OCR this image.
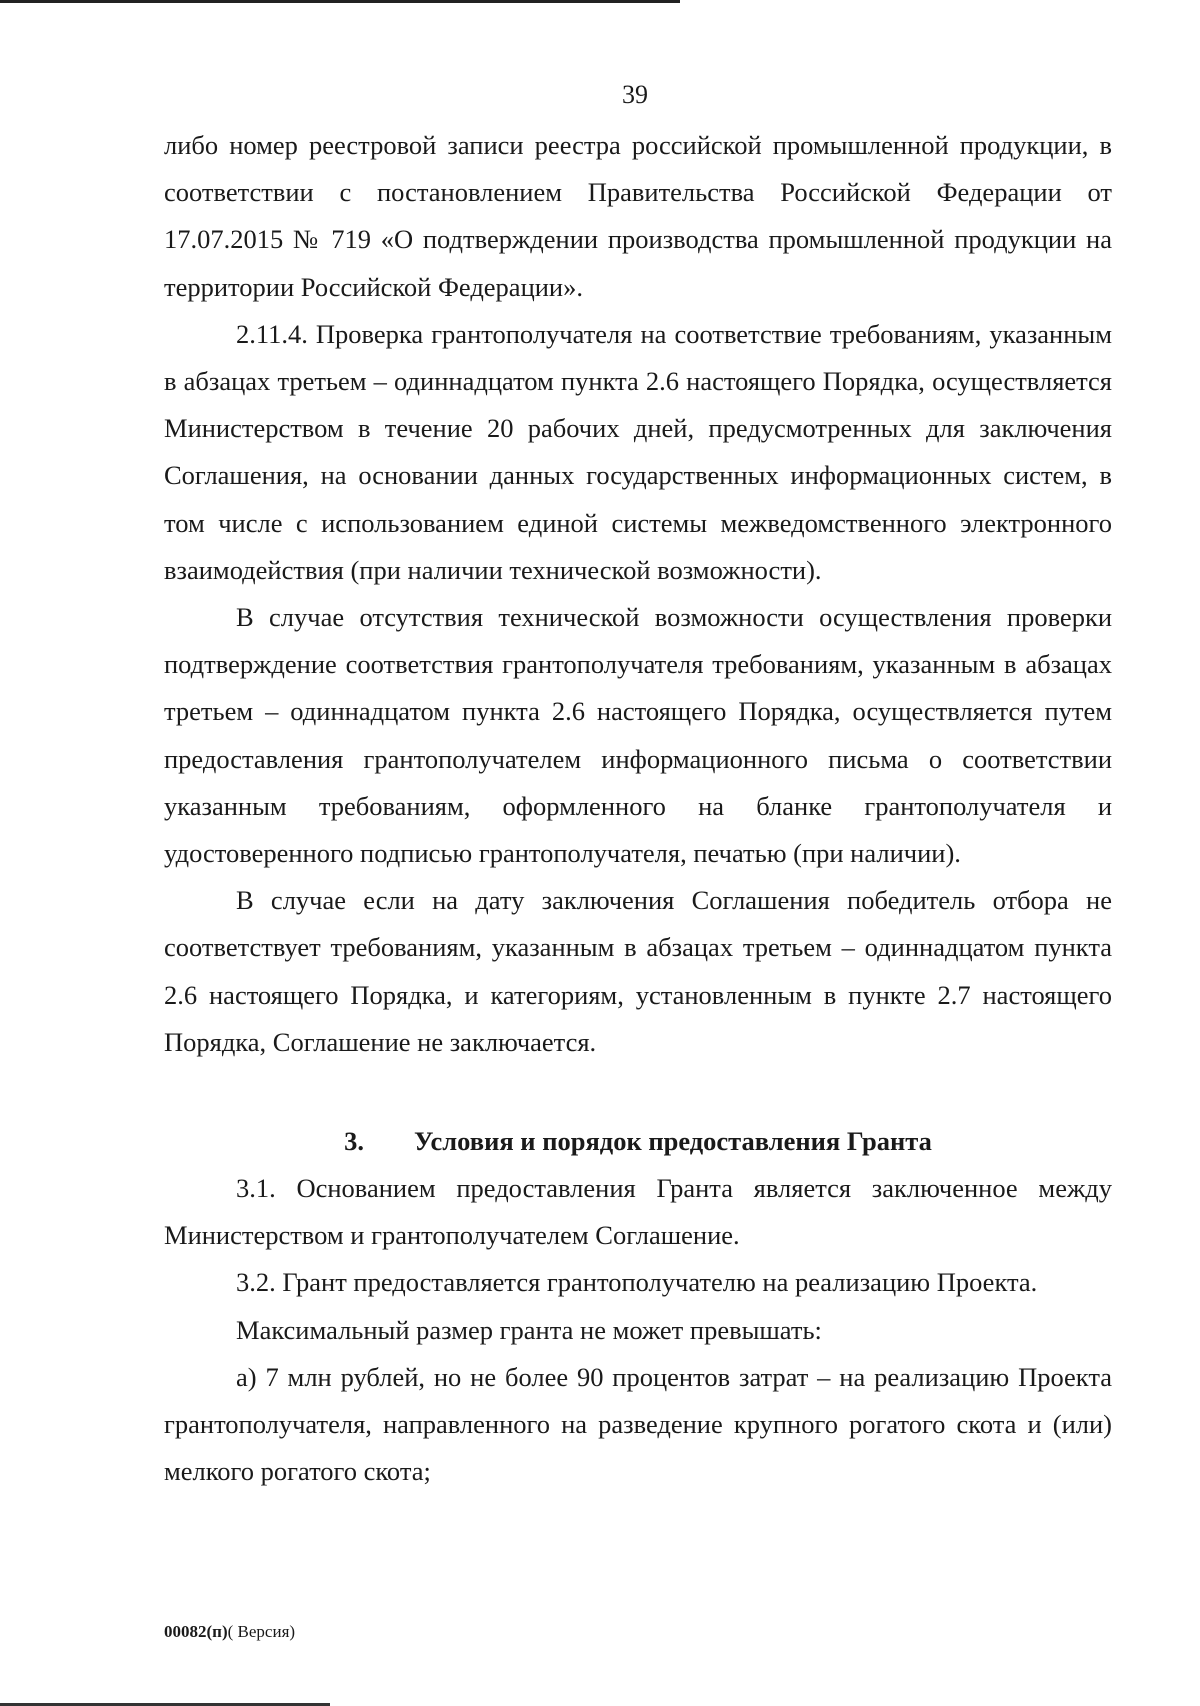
39

либо номер реестровой записи реестра российской промышленной продукции, в соответствии с постановлением Правительства Российской Федерации от 17.07.2015 № 719 «О подтверждении производства промышленной продукции на территории Российской Федерации».

2.11.4. Проверка грантополучателя на соответствие требованиям, указанным в абзацах третьем – одиннадцатом пункта 2.6 настоящего Порядка, осуществляется Министерством в течение 20 рабочих дней, предусмотренных для заключения Соглашения, на основании данных государственных информационных систем, в том числе с использованием единой системы межведомственного электронного взаимодействия (при наличии технической возможности).

В случае отсутствия технической возможности осуществления проверки подтверждение соответствия грантополучателя требованиям, указанным в абзацах третьем – одиннадцатом пункта 2.6 настоящего Порядка, осуществляется путем предоставления грантополучателем информационного письма о соответствии указанным требованиям, оформленного на бланке грантополучателя и удостоверенного подписью грантополучателя, печатью (при наличии).

В случае если на дату заключения Соглашения победитель отбора не соответствует требованиям, указанным в абзацах третьем – одиннадцатом пункта 2.6 настоящего Порядка, и категориям, установленным в пункте 2.7 настоящего Порядка, Соглашение не заключается.

3. Условия и порядок предоставления Гранта

3.1. Основанием предоставления Гранта является заключенное между Министерством и грантополучателем Соглашение.

3.2. Грант предоставляется грантополучателю на реализацию Проекта.

Максимальный размер гранта не может превышать:

а) 7 млн рублей, но не более 90 процентов затрат – на реализацию Проекта грантополучателя, направленного на разведение крупного рогатого скота и (или) мелкого рогатого скота;

00082(п)( Версия)
